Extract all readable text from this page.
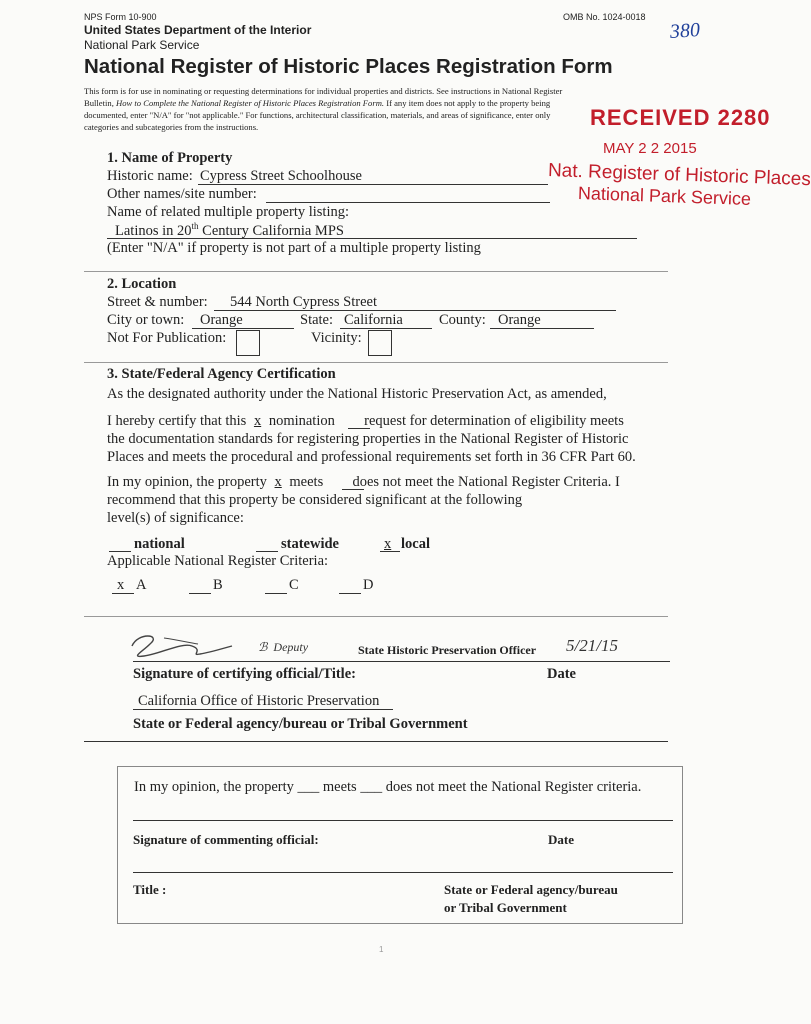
NPS Form 10-900	OMB No. 1024-0018
United States Department of the Interior
National Park Service
380
National Register of Historic Places Registration Form
This form is for use in nominating or requesting determinations for individual properties and districts. See instructions in National Register
Bulletin, How to Complete the National Register of Historic Places Registration Form. If any item does not apply to the property being
documented, enter "N/A" for "not applicable." For functions, architectural classification, materials, and areas of significance, enter only
categories and subcategories from the instructions.	RECEIVED 2280
MAY 2 2 2015
Nat. Register of Historic Places
National Park Service
1. Name of Property
Historic name: Cypress Street Schoolhouse
Other names/site number:
Name of related multiple property listing:
Latinos in 20th Century California MPS
(Enter "N/A" if property is not part of a multiple property listing
2. Location
Street & number: 544 North Cypress Street
City or town: Orange	State: California County: Orange
Not For Publication:	Vicinity:
3. State/Federal Agency Certification
As the designated authority under the National Historic Preservation Act, as amended,
I hereby certify that this x nomination  request for determination of eligibility meets
the documentation standards for registering properties in the National Register of Historic
Places and meets the procedural and professional requirements set forth in 36 CFR Part 60.
In my opinion, the property x meets  does not meet the National Register Criteria. I
recommend that this property be considered significant at the following
level(s) of significance:
national	statewide	x local
Applicable National Register Criteria:
x A	B	C	D
ℬ  Deputy	State Historic Preservation Officer 5/21/15
Signature of certifying official/Title:	Date
California Office of Historic Preservation
State or Federal agency/bureau or Tribal Government
In my opinion, the property ___ meets ___ does not meet the National Register criteria.
Signature of commenting official:	Date
Title :	State or Federal agency/bureau
or Tribal Government
1
